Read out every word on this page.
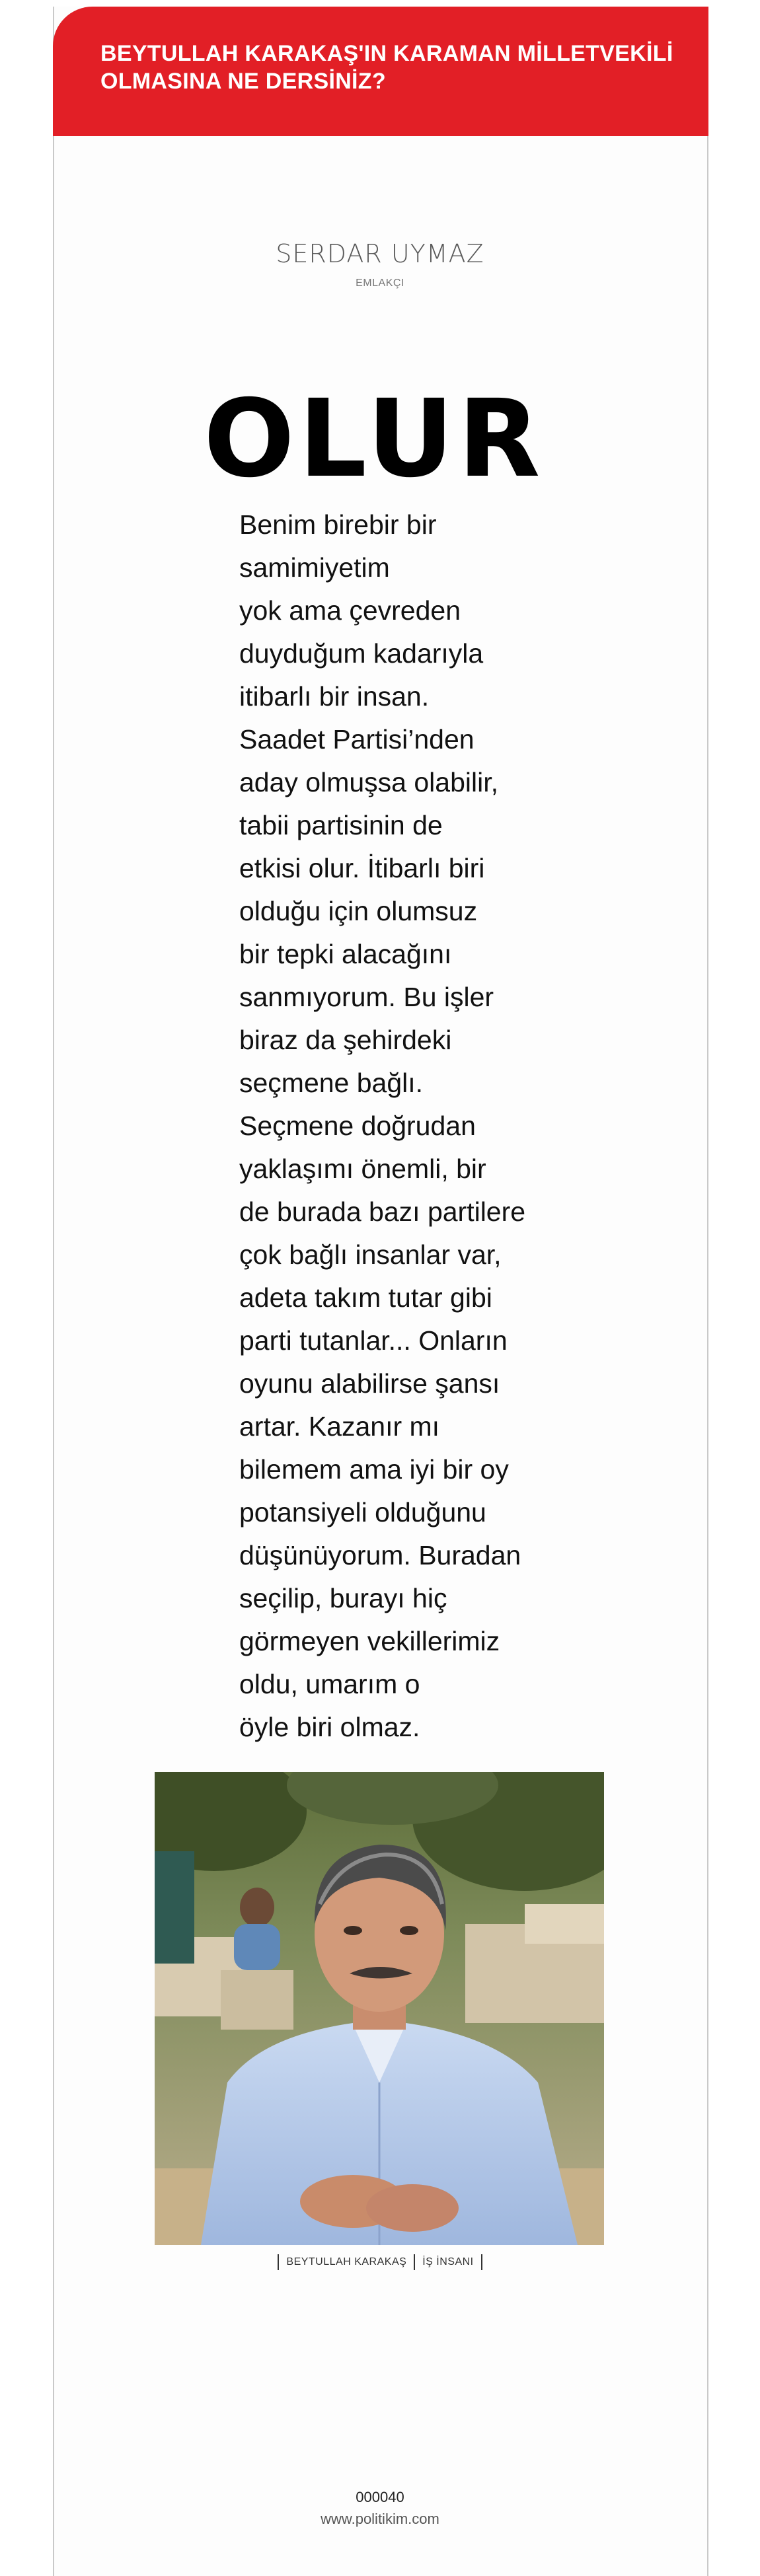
BEYTULLAH KARAKAŞ'IN KARAMAN MİLLETVEKİLİ
OLMASINA NE DERSİNİZ?
SERDAR UYMAZ
EMLAKÇI
OLUR
Benim birebir bir
samimiyetim
yok ama çevreden
duyduğum kadarıyla
itibarlı bir insan.
Saadet Partisi’nden
aday olmuşsa olabilir,
tabii partisinin de
etkisi olur. İtibarlı biri
olduğu için olumsuz
bir tepki alacağını
sanmıyorum. Bu işler
biraz da şehirdeki
seçmene bağlı.
Seçmene doğrudan
yaklaşımı önemli, bir
de burada bazı partilere
çok bağlı insanlar var,
adeta takım tutar gibi
parti tutanlar... Onların
oyunu alabilirse şansı
artar. Kazanır mı
bilemem ama iyi bir oy
potansiyeli olduğunu
düşünüyorum. Buradan
seçilip, burayı hiç
görmeyen vekillerimiz
oldu, umarım o
öyle biri olmaz.
BEYTULLAH KARAKAŞ İŞ İNSANI
000040
www.politikim.com
